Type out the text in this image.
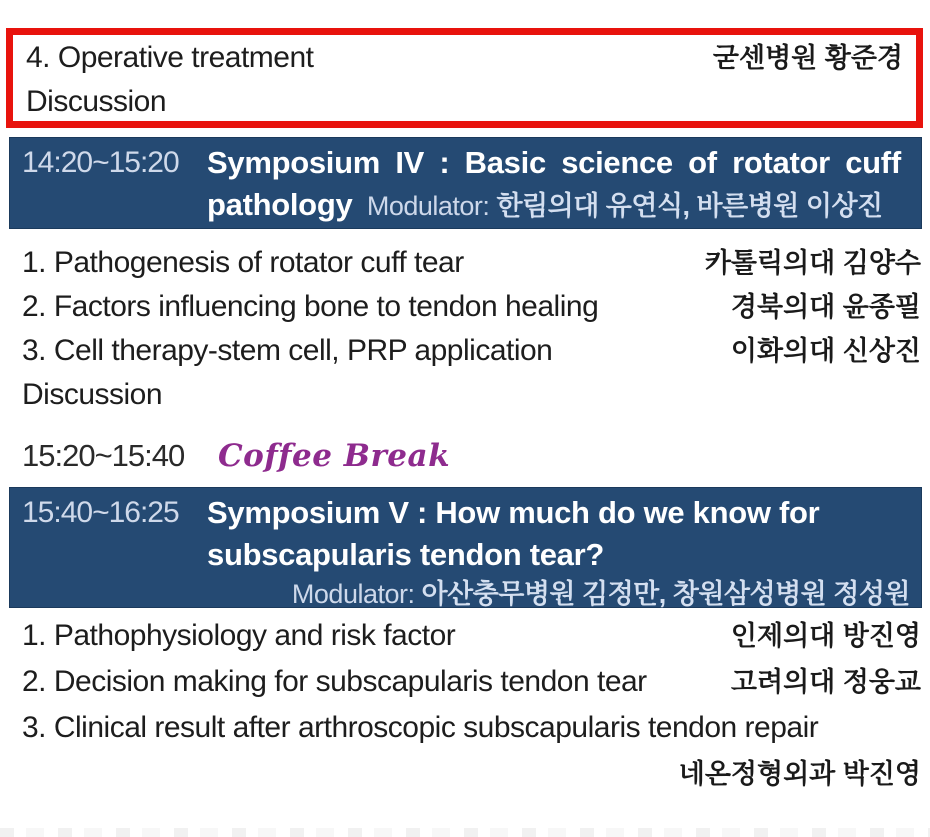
4. Operative treatment	굳센병원 황준경
Discussion
14:20~15:20 Symposium IV : Basic science of rotator cuff
pathology Modulator: 한림의대 유연식, 바른병원 이상진
1. Pathogenesis of rotator cuff tear	카톨릭의대 김양수
2. Factors influencing bone to tendon healing	경북의대 윤종필
3. Cell therapy-stem cell, PRP application	이화의대 신상진
Discussion
15:20~15:40	Coffee Break
15:40~16:25 Symposium V : How much do we know for
subscapularis tendon tear?
Modulator: 아산충무병원 김정만, 창원삼성병원 정성원
1. Pathophysiology and risk factor	인제의대 방진영
2. Decision making for subscapularis tendon tear	고려의대 정웅교
3. Clinical result after arthroscopic subscapularis tendon repair
네온정형외과 박진영
